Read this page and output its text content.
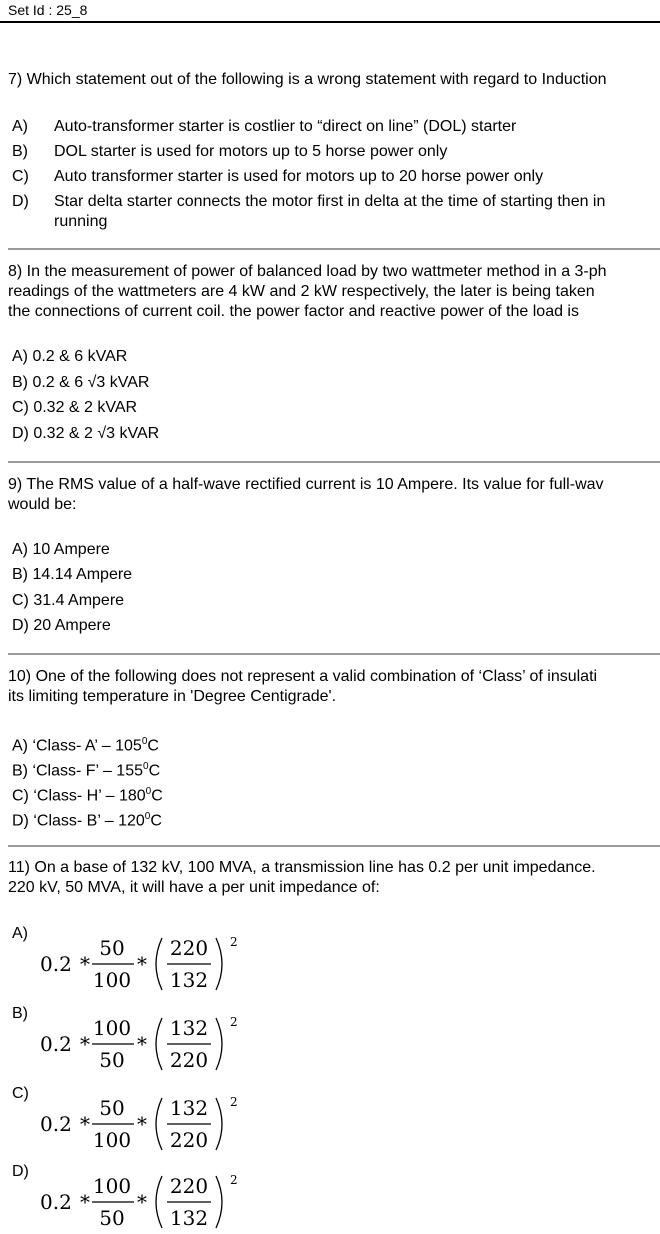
Set Id : 25_8
7) Which statement out of the following is a wrong statement with regard to Induction
A) Auto-transformer starter is costlier to “direct on line” (DOL) starter
B) DOL starter is used for motors up to 5 horse power only
C) Auto transformer starter is used for motors up to 20 horse power only
D) Star delta starter connects the motor first in delta at the time of starting then in
running
8) In the measurement of power of balanced load by two wattmeter method in a 3-ph
readings of the wattmeters are 4 kW and 2 kW respectively, the later is being taken
the connections of current coil. the power factor and reactive power of the load is
A) 0.2 & 6 kVAR
B) 0.2 & 6 √3 kVAR
C) 0.32 & 2 kVAR
D) 0.32 & 2 √3 kVAR
9) The RMS value of a half-wave rectified current is 10 Ampere. Its value for full-wav
would be:
A) 10 Ampere
B) 14.14 Ampere
C) 31.4 Ampere
D) 20 Ampere
10) One of the following does not represent a valid combination of ‘Class’ of insulati
its limiting temperature in 'Degree Centigrade'.
A) ‘Class- A’ – $105^0C$
B) ‘Class- F’ – $155^0C$
C) ‘Class- H’ – $180^0C$
D) ‘Class- B’ – $120^0C$
11) On a base of 132 kV, 100 MVA, a transmission line has 0.2 per unit impedance.
220 kV, 50 MVA, it will have a per unit impedance of:
A)
0.2 *
50
100
*
220
132
2
B)
0.2 *
100
50
*
132
220
2
C)
0.2 *
50
100
*
132
220
2
D)
0.2 *
100
50
*
220
132
2
